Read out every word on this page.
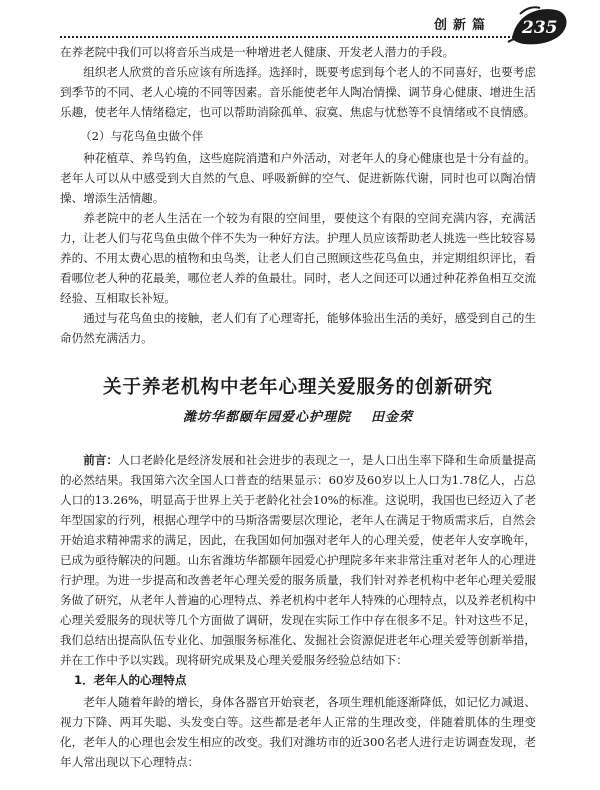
创新篇 235

在养老院中我们可以将音乐当成是一种增进老人健康、开发老人潜力的手段。

组织老人欣赏的音乐应该有所选择。选择时，既要考虑到每个老人的不同喜好，也要考虑到季节的不同、老人心境的不同等因素。音乐能使老年人陶冶情操、调节身心健康、增进生活乐趣，使老年人情绪稳定，也可以帮助消除孤单、寂寞、焦虑与忧愁等不良情绪或不良情感。

（2）与花鸟鱼虫做个伴

种花植草、养鸟钓鱼，这些庭院消遣和户外活动，对老年人的身心健康也是十分有益的。老年人可以从中感受到大自然的气息、呼吸新鲜的空气、促进新陈代谢，同时也可以陶冶情操、增添生活情趣。

养老院中的老人生活在一个较为有限的空间里，要使这个有限的空间充满内容，充满活力，让老人们与花鸟鱼虫做个伴不失为一种好方法。护理人员应该帮助老人挑选一些比较容易养的、不用太费心思的植物和虫鸟类，让老人们自己照顾这些花鸟鱼虫，并定期组织评比，看看哪位老人种的花最美，哪位老人养的鱼最壮。同时，老人之间还可以通过种花养鱼相互交流经验、互相取长补短。

通过与花鸟鱼虫的接触，老人们有了心理寄托，能够体验出生活的美好，感受到自己的生命仍然充满活力。

关于养老机构中老年心理关爱服务的创新研究
潍坊华都颐年园爱心护理院 田金荣

前言：人口老龄化是经济发展和社会进步的表现之一，是人口出生率下降和生命质量提高的必然结果。我国第六次全国人口普查的结果显示：60岁及60岁以上人口为1.78亿人，占总人口的13.26%，明显高于世界上关于老龄化社会10%的标准。这说明，我国也已经迈入了老年型国家的行列，根据心理学中的马斯洛需要层次理论，老年人在满足于物质需求后，自然会开始追求精神需求的满足，因此，在我国如何加强对老年人的心理关爱，使老年人安享晚年，已成为亟待解决的问题。山东省潍坊华都颐年园爱心护理院多年来非常注重对老年人的心理进行护理。为进一步提高和改善老年心理关爱的服务质量，我们针对养老机构中老年心理关爱服务做了研究，从老年人普遍的心理特点、养老机构中老年人特殊的心理特点，以及养老机构中心理关爱服务的现状等几个方面做了调研，发现在实际工作中存在很多不足。针对这些不足，我们总结出提高队伍专业化、加强服务标准化、发掘社会资源促进老年心理关爱等创新举措，并在工作中予以实践。现将研究成果及心理关爱服务经验总结如下：

1．老年人的心理特点

老年人随着年龄的增长，身体各器官开始衰老，各项生理机能逐渐降低，如记忆力减退、视力下降、两耳失聪、头发变白等。这些都是老年人正常的生理改变，伴随着肌体的生理变化，老年人的心理也会发生相应的改变。我们对潍坊市的近300名老人进行走访调查发现，老年人常出现以下心理特点：
